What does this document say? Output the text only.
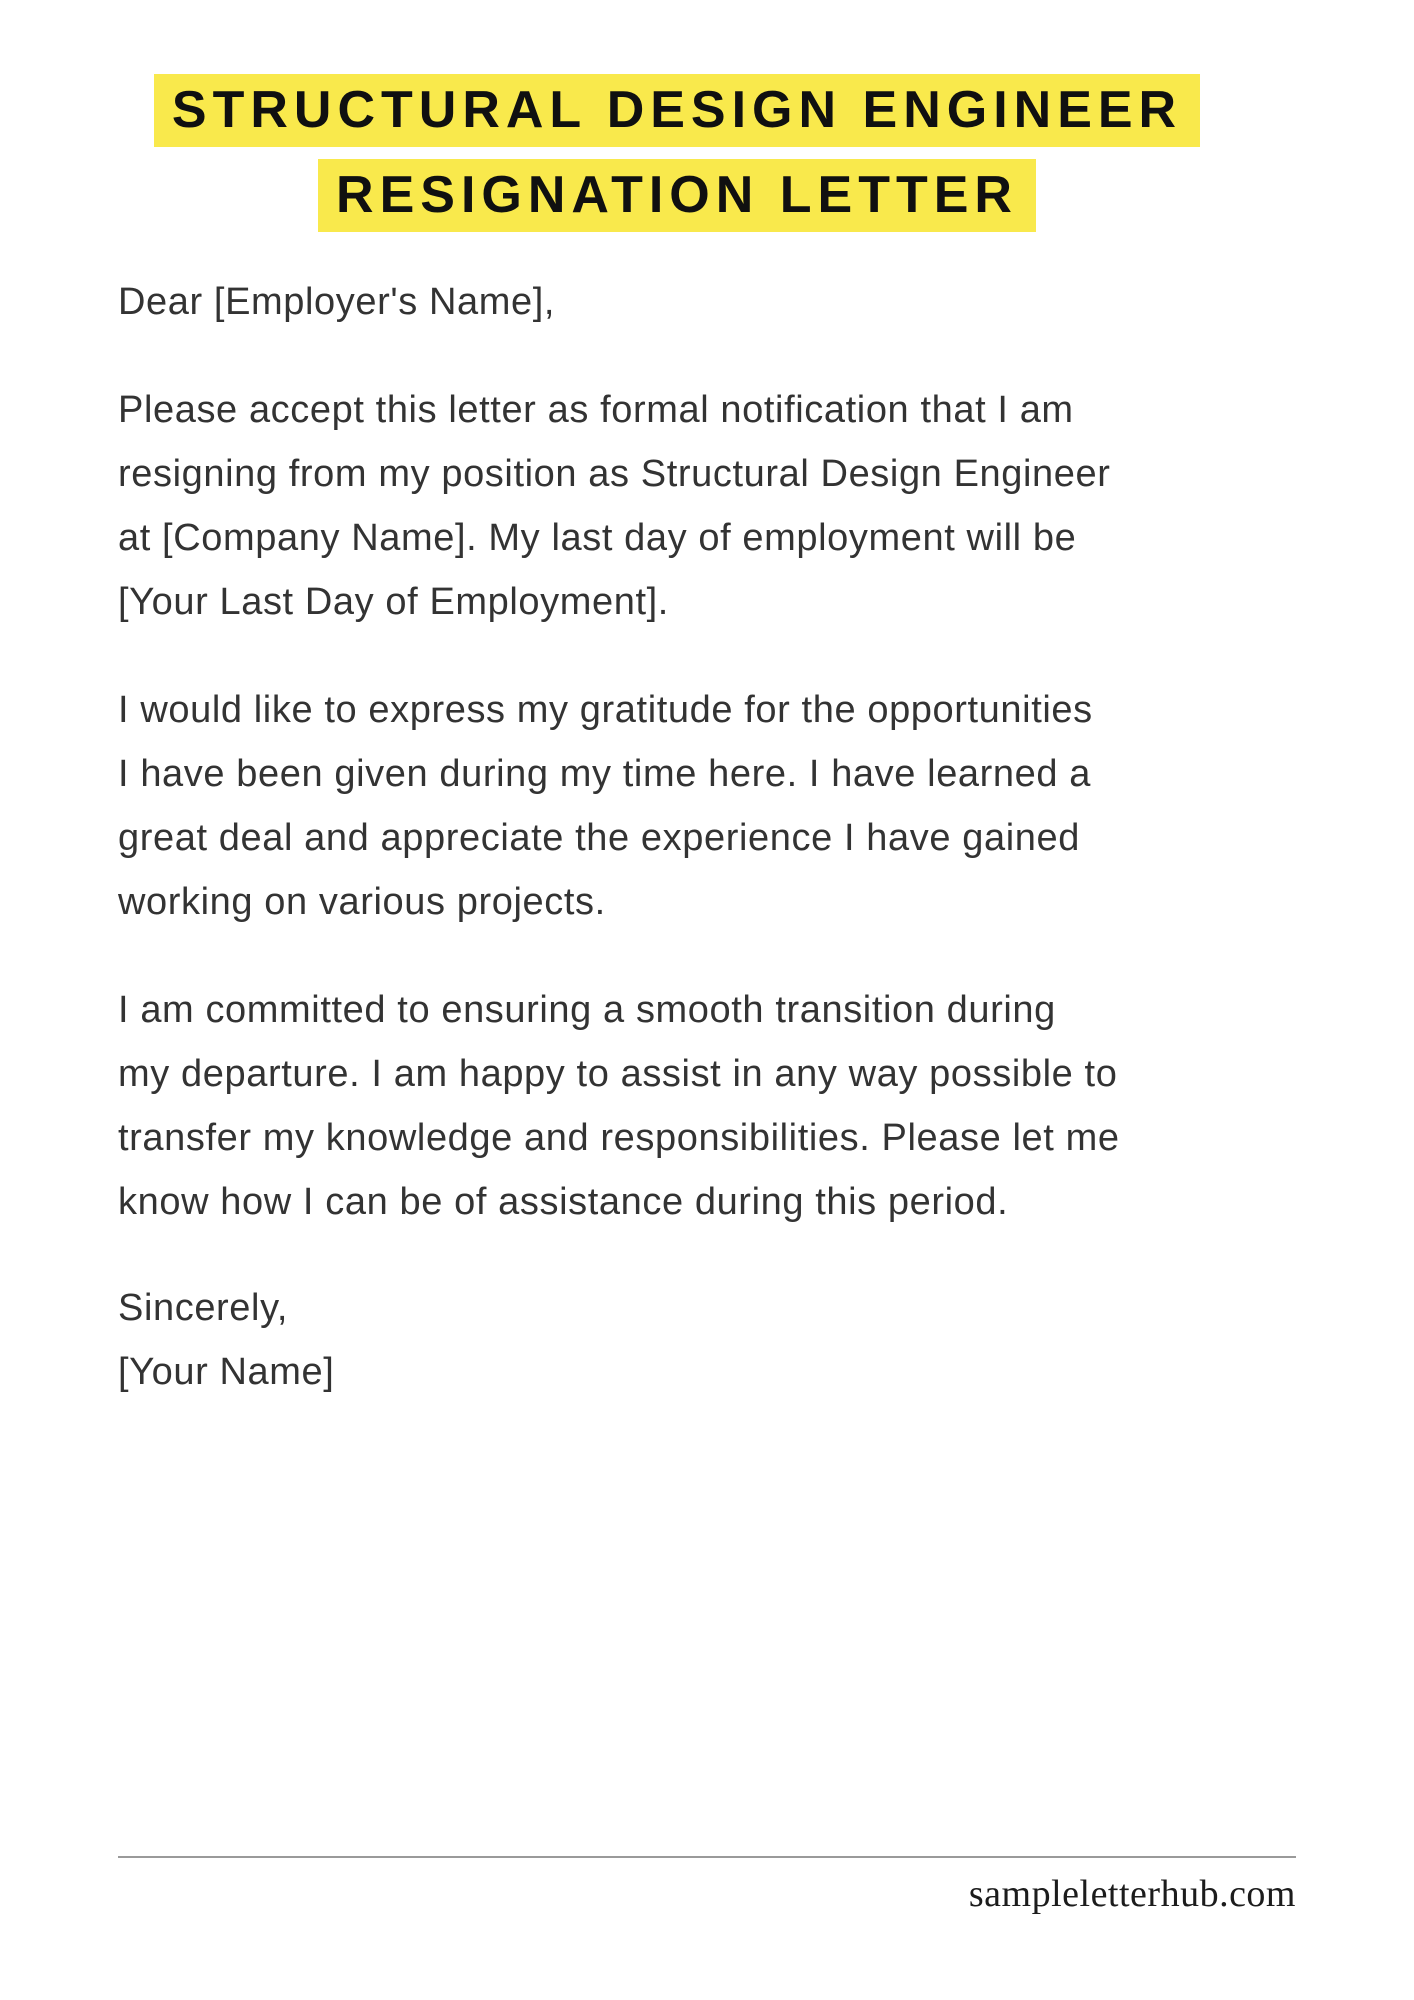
STRUCTURAL DESIGN ENGINEER
RESIGNATION LETTER
Dear [Employer's Name],
Please accept this letter as formal notification that I am
resigning from my position as Structural Design Engineer
at [Company Name]. My last day of employment will be
[Your Last Day of Employment].
I would like to express my gratitude for the opportunities
I have been given during my time here. I have learned a
great deal and appreciate the experience I have gained
working on various projects.
I am committed to ensuring a smooth transition during
my departure. I am happy to assist in any way possible to
transfer my knowledge and responsibilities. Please let me
know how I can be of assistance during this period.
Sincerely,
[Your Name]
sampleletterhub.com
